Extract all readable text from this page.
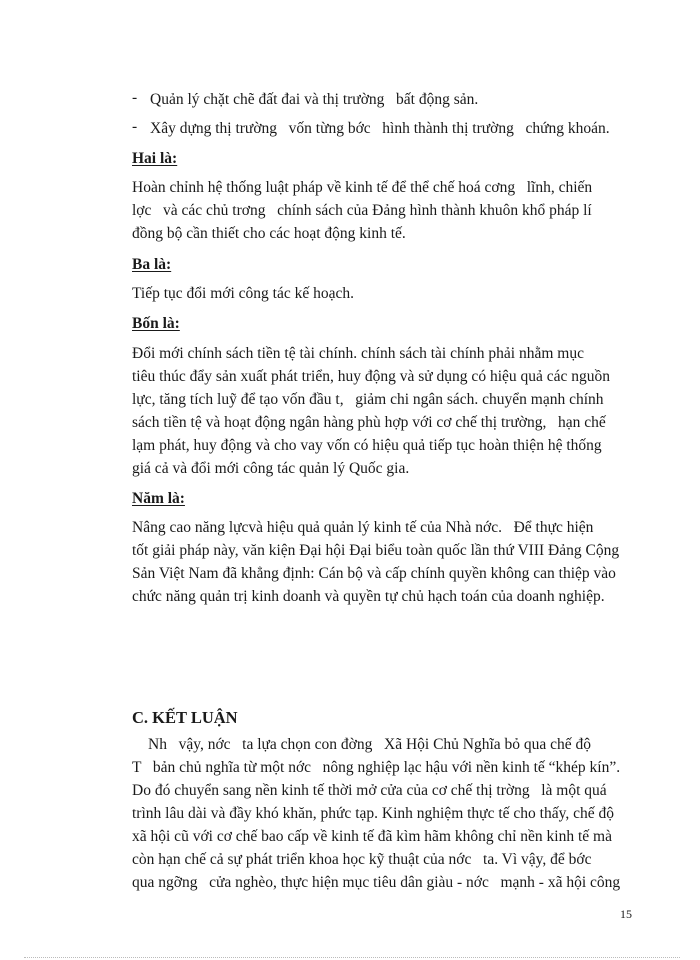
- Quản lý chặt chẽ đất đai và thị trường   bất động sản.
- Xây dựng thị trường   vốn từng bớc   hình thành thị trường   chứng khoán.
Hai là:
Hoàn chỉnh hệ thống luật pháp về kinh tế để thể chế hoá cơng   lĩnh, chiến
lợc   và các chủ trơng   chính sách của Đảng hình thành khuôn khổ pháp lí
đồng bộ cần thiết cho các hoạt động kinh tế.
Ba là:
Tiếp tục đổi mới công tác kế hoạch.
Bốn là:
Đổi mới chính sách tiền tệ tài chính. chính sách tài chính phải nhằm mục
tiêu thúc đẩy sản xuất phát triển, huy động và sử dụng có hiệu quả các nguồn
lực, tăng tích luỹ để tạo vốn đầu t,   giảm chi ngân sách. chuyển mạnh chính
sách tiền tệ và hoạt động ngân hàng phù hợp với cơ chế thị trường,   hạn chế
lạm phát, huy động và cho vay vốn có hiệu quả tiếp tục hoàn thiện hệ thống
giá cả và đổi mới công tác quản lý Quốc gia.
Năm là:
Nâng cao năng lựcvà hiệu quả quản lý kinh tế của Nhà nớc.   Để thực hiện
tốt giải pháp này, văn kiện Đại hội Đại biểu toàn quốc lần thứ VIII Đảng Cộng
Sản Việt Nam đã khẳng định: Cán bộ và cấp chính quyền không can thiệp vào
chức năng quản trị kinh doanh và quyền tự chủ hạch toán của doanh nghiệp.
C. KẾT LUẬN
Nh   vậy, nớc   ta lựa chọn con đờng   Xã Hội Chủ Nghĩa bỏ qua chế độ
T   bản chủ nghĩa từ một nớc   nông nghiệp lạc hậu với nền kinh tế “khép kín”.
Do đó chuyển sang nền kinh tế thời mở cửa của cơ chế thị trờng   là một quá
trình lâu dài và đầy khó khăn, phức tạp. Kinh nghiệm thực tế cho thấy, chế độ
xã hội cũ với cơ chế bao cấp về kinh tế đã kìm hãm không chỉ nền kinh tế mà
còn hạn chế cả sự phát triển khoa học kỹ thuật của nớc   ta. Vì vậy, để bớc
qua ngỡng   cửa nghèo, thực hiện mục tiêu dân giàu - nớc   mạnh - xã hội công
15
